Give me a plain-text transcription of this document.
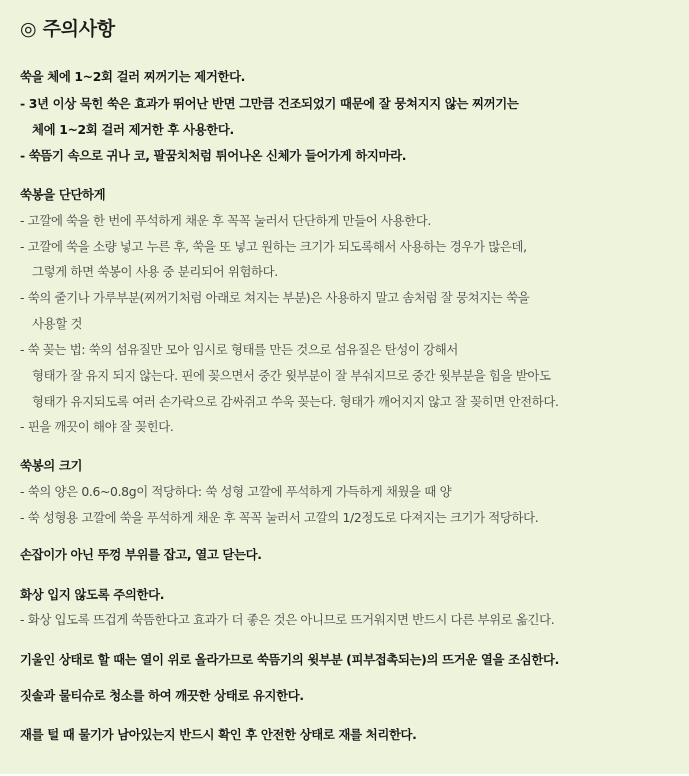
◎ 주의사항
쑥을 체에 1~2회 걸러 찌꺼기는 제거한다.
- 3년 이상 묵힌 쑥은 효과가 뛰어난 반면 그만큼 건조되었기 때문에 잘 뭉쳐지지 않는 찌꺼기는
체에 1~2회 걸러 제거한 후 사용한다.
- 쑥뜸기 속으로 귀나 코, 팔꿈치처럼 튀어나온 신체가 들어가게 하지마라.
쑥봉을 단단하게
- 고깔에 쑥을 한 번에 푸석하게 채운 후 꼭꼭 눌러서 단단하게 만들어 사용한다.
- 고깔에 쑥을 소량 넣고 누른 후, 쑥을 또 넣고 원하는 크기가 되도록해서 사용하는 경우가 많은데,
그렇게 하면 쑥봉이 사용 중 분리되어 위험하다.
- 쑥의 줄기나 가루부분(찌꺼기처럼 아래로 쳐지는 부분)은 사용하지 말고 솜처럼 잘 뭉쳐지는 쑥을
사용할 것
- 쑥 꽂는 법: 쑥의 섬유질만 모아 임시로 형태를 만든 것으로 섬유질은 탄성이 강해서
형태가 잘 유지 되지 않는다. 핀에 꽂으면서 중간 윗부분이 잘 부숴지므로 중간 윗부분을 힘을 받아도
형태가 유지되도록 여러 손가락으로 감싸쥐고 쑤욱 꽂는다. 형태가 깨어지지 않고 잘 꽂히면 안전하다.
- 핀을 깨끗이 해야 잘 꽂힌다.
쑥봉의 크기
- 쑥의 양은 0.6~0.8g이 적당하다: 쑥 성형 고깔에 푸석하게 가득하게 채웠을 때 양
- 쑥 성형용 고깔에 쑥을 푸석하게 채운 후 꼭꼭 눌러서 고깔의 1/2정도로 다져지는 크기가 적당하다.
손잡이가 아닌 뚜껑 부위를 잡고, 열고 닫는다.
화상 입지 않도록 주의한다.
- 화상 입도록 뜨겁게 쑥뜸한다고 효과가 더 좋은 것은 아니므로 뜨거워지면 반드시 다른 부위로 옮긴다.
기울인 상태로 할 때는 열이 위로 올라가므로 쑥뜸기의 윗부분 (피부접촉되는)의 뜨거운 열을 조심한다.
짓솔과 물티슈로 청소를 하여 깨끗한 상태로 유지한다.
재를 털 때 물기가 남아있는지 반드시 확인 후 안전한 상태로 재를 처리한다.
